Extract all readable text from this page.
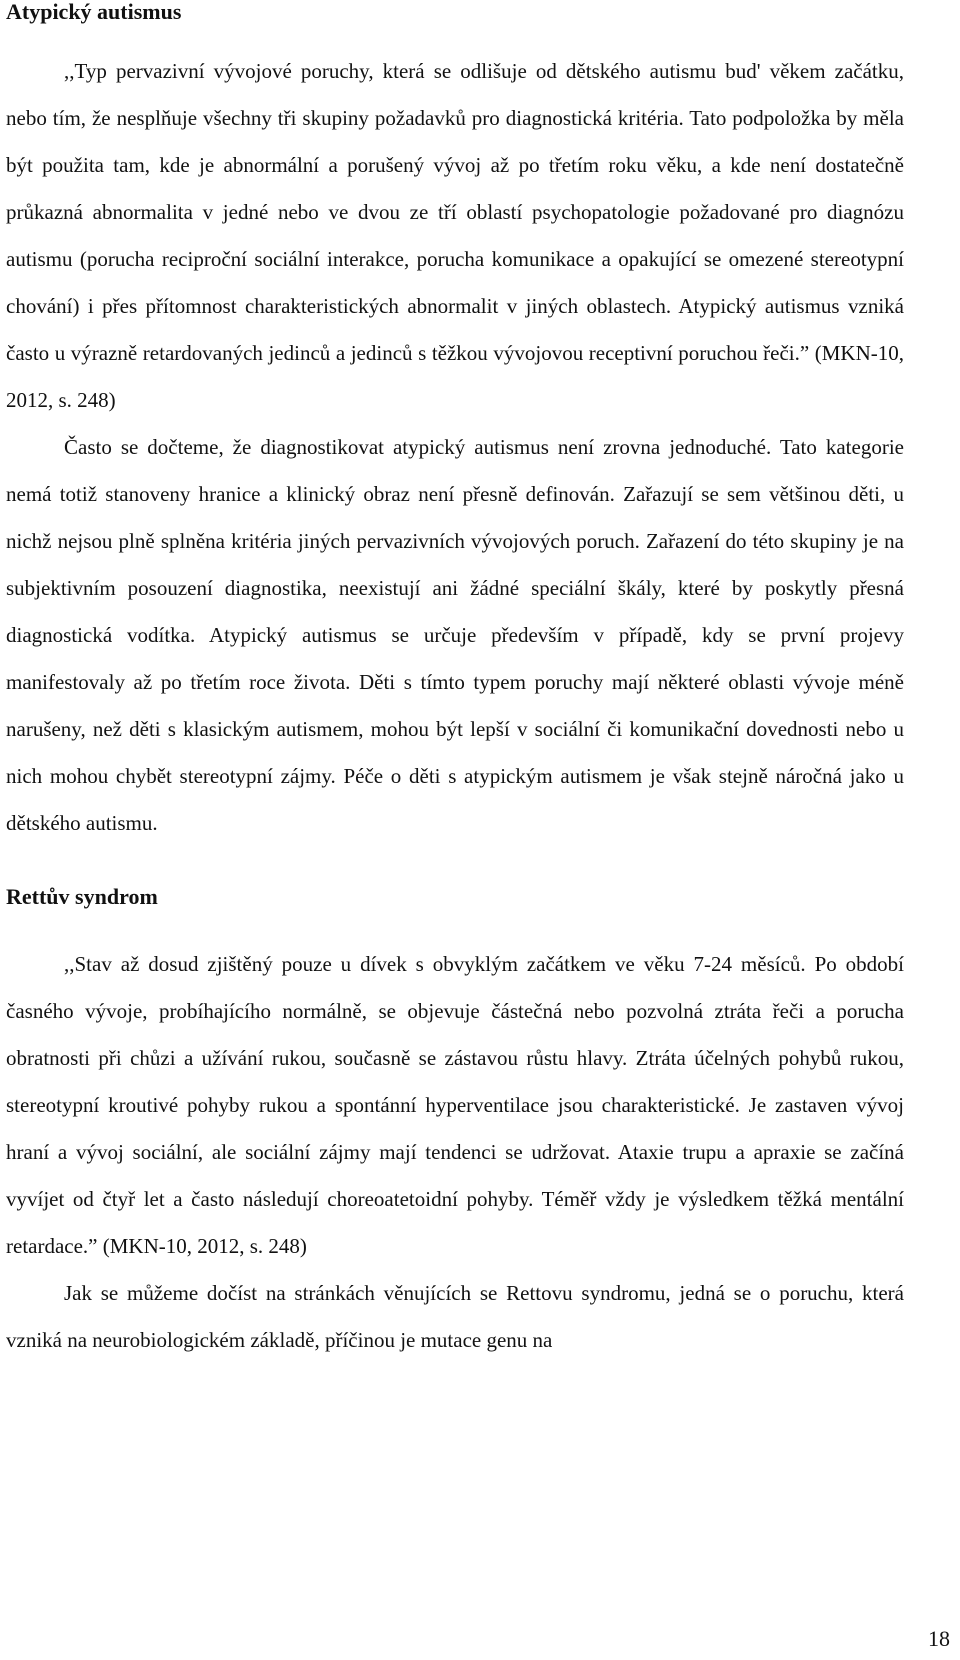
Atypický autismus

,,Typ pervazivní vývojové poruchy, která se odlišuje od dětského autismu bud' věkem začátku, nebo tím, že nesplňuje všechny tři skupiny požadavků pro diagnostická kritéria. Tato podpoložka by měla být použita tam, kde je abnormální a porušený vývoj až po třetím roku věku, a kde není dostatečně průkazná abnormalita v jedné nebo ve dvou ze tří oblastí psychopatologie požadované pro diagnózu autismu (porucha reciproční sociální interakce, porucha komunikace a opakující se omezené stereotypní chování) i přes přítomnost charakteristických abnormalit v jiných oblastech. Atypický autismus vzniká často u výrazně retardovaných jedinců a jedinců s těžkou vývojovou receptivní poruchou řeči.” (MKN-10, 2012, s. 248)

Často se dočteme, že diagnostikovat atypický autismus není zrovna jednoduché. Tato kategorie nemá totiž stanoveny hranice a klinický obraz není přesně definován. Zařazují se sem většinou děti, u nichž nejsou plně splněna kritéria jiných pervazivních vývojových poruch. Zařazení do této skupiny je na subjektivním posouzení diagnostika, neexistují ani žádné speciální škály, které by poskytly přesná diagnostická vodítka. Atypický autismus se určuje především v případě, kdy se první projevy manifestovaly až po třetím roce života. Děti s tímto typem poruchy mají některé oblasti vývoje méně narušeny, než děti s klasickým autismem, mohou být lepší v sociální či komunikační dovednosti nebo u nich mohou chybět stereotypní zájmy. Péče o děti s atypickým autismem je však stejně náročná jako u dětského autismu.

Rettův syndrom

,,Stav až dosud zjištěný pouze u dívek s obvyklým začátkem ve věku 7-24 měsíců. Po období časného vývoje, probíhajícího normálně, se objevuje částečná nebo pozvolná ztráta řeči a porucha obratnosti při chůzi a užívání rukou, současně se zástavou růstu hlavy. Ztráta účelných pohybů rukou, stereotypní kroutivé pohyby rukou a spontánní hyperventilace jsou charakteristické. Je zastaven vývoj hraní a vývoj sociální, ale sociální zájmy mají tendenci se udržovat. Ataxie trupu a apraxie se začíná vyvíjet od čtyř let a často následují choreoatetoidní pohyby. Téměř vždy je výsledkem těžká mentální retardace.” (MKN-10, 2012, s. 248)

Jak se můžeme dočíst na stránkách věnujících se Rettovu syndromu, jedná se o poruchu, která vzniká na neurobiologickém základě, příčinou je mutace genu na

18
